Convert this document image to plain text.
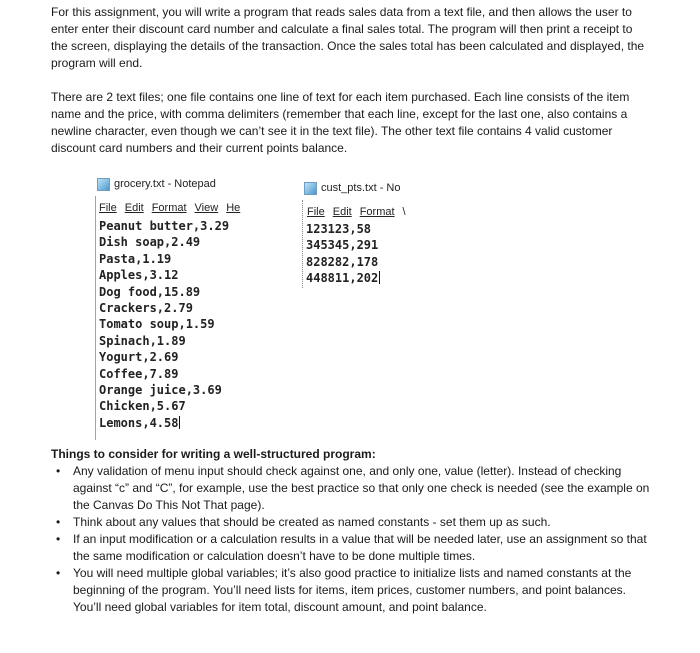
For this assignment, you will write a program that reads sales data from a text file, and then allows the user to enter enter their discount card number and calculate a final sales total. The program will then print a receipt to the screen, displaying the details of the transaction. Once the sales total has been calculated and displayed, the program will end.

There are 2 text files; one file contains one line of text for each item purchased. Each line consists of the item name and the price, with comma delimiters (remember that each line, except for the last one, also contains a newline character, even though we can’t see it in the text file). The other text file contains 4 valid customer discount card numbers and their current points balance.

grocery.txt - Notepad
File Edit Format View He
Peanut butter,3.29
Dish soap,2.49
Pasta,1.19
Apples,3.12
Dog food,15.89
Crackers,2.79
Tomato soup,1.59
Spinach,1.89
Yogurt,2.69
Coffee,7.89
Orange juice,3.69
Chicken,5.67
Lemons,4.58
cust_pts.txt - No
File Edit Format \
123123,58
345345,291
828282,178
448811,202

Things to consider for writing a well-structured program:

• Any validation of menu input should check against one, and only one, value (letter). Instead of checking against “c” and “C”, for example, use the best practice so that only one check is needed (see the example on the Canvas Do This Not That page).
• Think about any values that should be created as named constants - set them up as such.
• If an input modification or a calculation results in a value that will be needed later, use an assignment so that the same modification or calculation doesn’t have to be done multiple times.
• You will need multiple global variables; it’s also good practice to initialize lists and named constants at the beginning of the program. You’ll need lists for items, item prices, customer numbers, and point balances. You’ll need global variables for item total, discount amount, and point balance.
